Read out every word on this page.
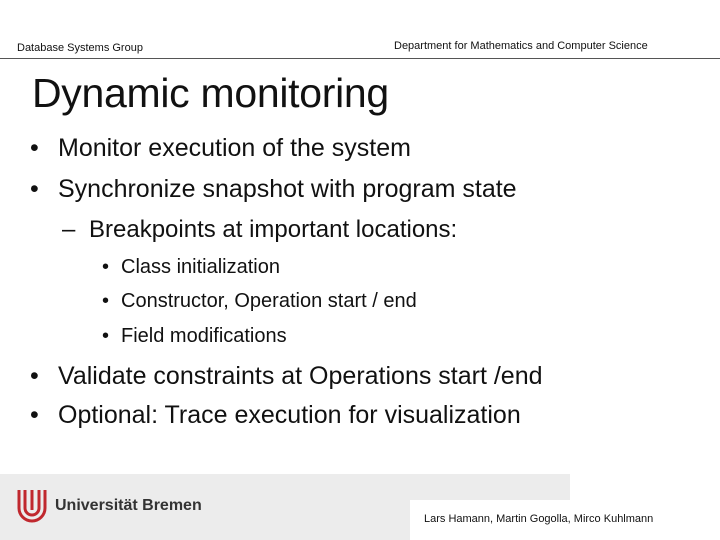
Database Systems Group	Department for Mathematics and Computer Science
Dynamic monitoring
• Monitor execution of the system
• Synchronize snapshot with program state
– Breakpoints at important locations:
• Class initialization
• Constructor, Operation start / end
• Field modifications
• Validate constraints at Operations start /end
• Optional: Trace execution for visualization
Universität Bremen
Lars Hamann, Martin Gogolla, Mirco Kuhlmann
